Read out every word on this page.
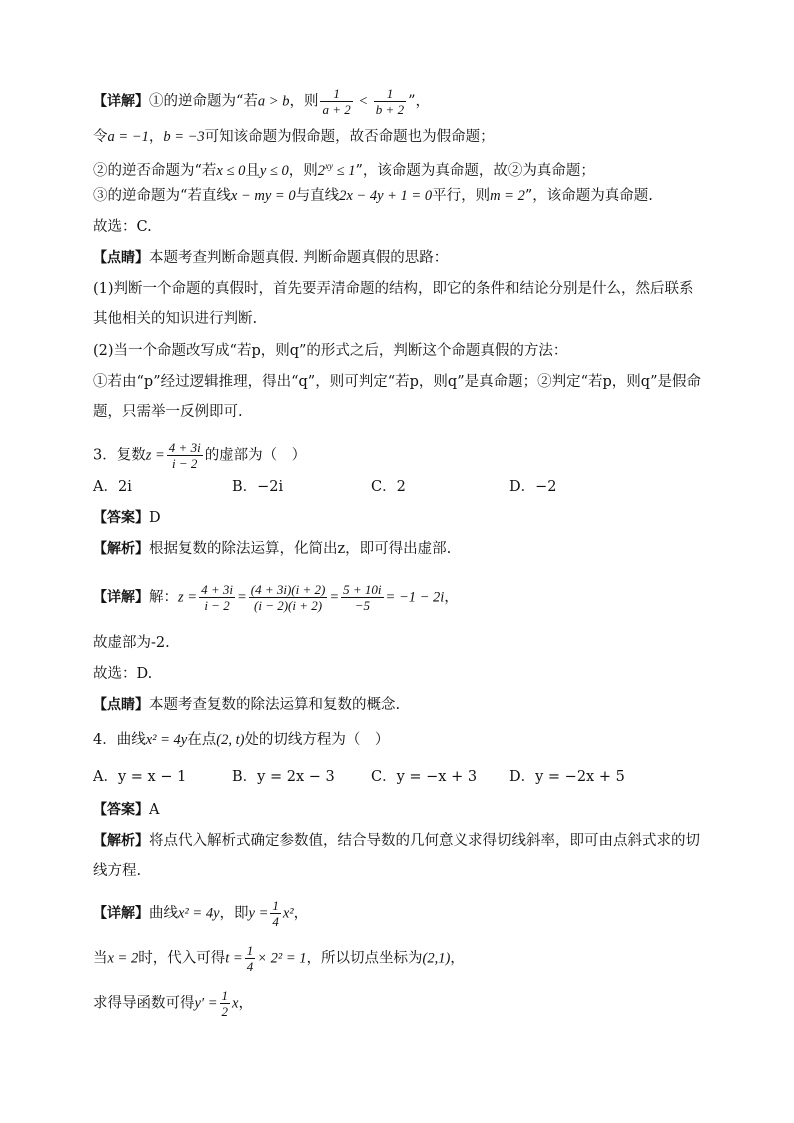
【详解】①的逆命题为“若a > b，则 $\frac{1}{a + 2} < \frac{1}{b + 2}$ ”，
令a = −1，b = −3可知该命题为假命题，故否命题也为假命题；
②的逆否命题为“若x ≤ 0且y ≤ 0，则$2^{xy} \le 1$”，该命题为真命题，故②为真命题；
③的逆命题为“若直线x − my = 0与直线2x − 4y + 1 = 0平行，则m = 2”，该命题为真命题.
故选：C.
【点睛】本题考查判断命题真假. 判断命题真假的思路：
(1)判断一个命题的真假时，首先要弄清命题的结构，即它的条件和结论分别是什么，然后联系其他相关的知识进行判断.
(2)当一个命题改写成“若p，则q”的形式之后，判断这个命题真假的方法：
①若由“p”经过逻辑推理，得出“q”，则可判定“若p，则q”是真命题；②判定“若p，则q”是假命题，只需举一反例即可.
3．复数$z = \frac{4 + 3i}{i - 2}$ 的虚部为（　）
A．2i	B．−2i	C．2	D．−2
【答案】D
【解析】根据复数的除法运算，化简出z，即可得出虚部.
【详解】解：$z = \frac{4 + 3i}{i - 2} = \frac{(4 + 3i)(i + 2)}{(i - 2)(i + 2)} = \frac{5 + 10i}{-5} = -1 - 2i$，
故虚部为-2.
故选：D.
【点睛】本题考查复数的除法运算和复数的概念.
4．曲线x² = 4y在点(2, t)处的切线方程为（　）
A．y = x − 1	B．y = 2x − 3	C．y = −x + 3 D．y = −2x + 5
【答案】A
【解析】将点代入解析式确定参数值，结合导数的几何意义求得切线斜率，即可由点斜式求的切线方程.
【详解】曲线x² = 4y，即$y = \frac{1}{4} x^2$，
当x = 2时，代入可得$t = \frac{1}{4} \times 2^2 = 1$，所以切点坐标为(2,1)，
求得导函数可得$y' = \frac{1}{2}$ x，
